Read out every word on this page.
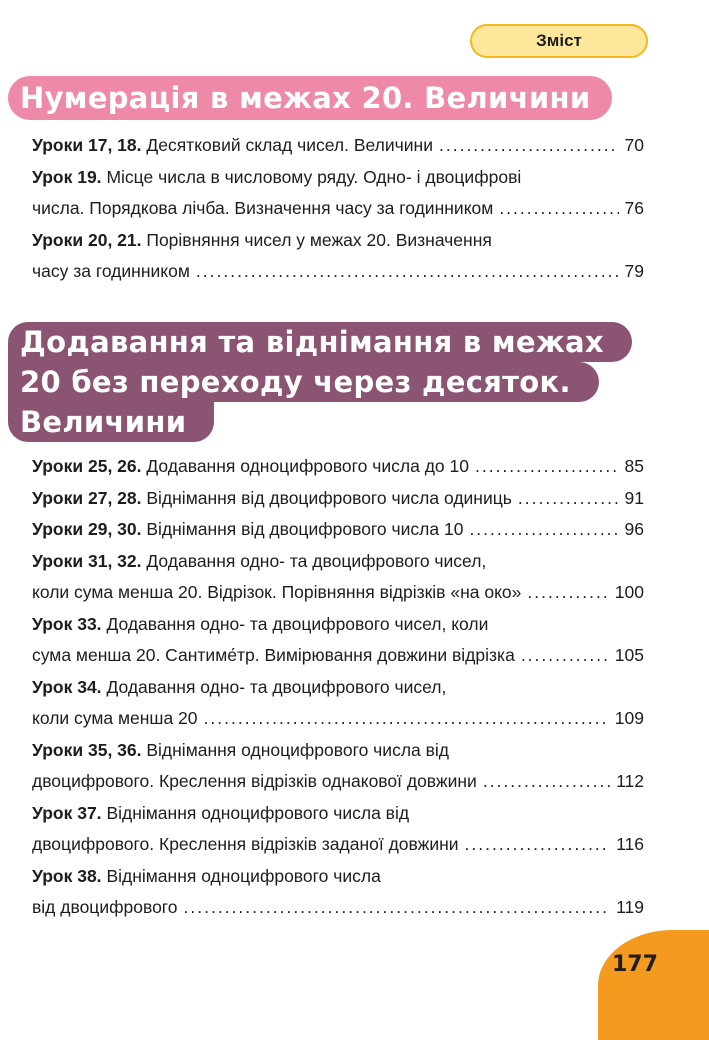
Зміст
Нумерація в межах 20. Величини
Уроки 17, 18.
Десятковий склад чисел. Величини .....	70
Урок 19.
Місце числа в числовому ряду. Одно- і двоцифрові
числа. Порядкова лічба. Визначення часу за годинником .....	76
Уроки 20, 21.
Порівняння чисел у межах 20. Визначення
часу за годинником .....	79
Додавання та віднімання в межах
20 без переходу через десяток.
Величини
Уроки 25, 26.
Додавання одноцифрового числа до 10 .....	85
Уроки 27, 28.
Віднімання від двоцифрового числа одиниць .....	91
Уроки 29, 30.
Віднімання від двоцифрового числа 10 .....	96
Уроки 31, 32.
Додавання одно- та двоцифрового чисел,
коли сума менша 20. Відрізок. Порівняння відрізків «на око» .....	100
Урок 33.
Додавання одно- та двоцифрового чисел, коли
сума менша 20. Сантиме́тр. Вимірювання довжини відрізка .....	105
Урок 34.
Додавання одно- та двоцифрового чисел,
коли сума менша 20 .....	109
Уроки 35, 36.
Віднімання одноцифрового числа від
двоцифрового. Креслення відрізків однакової довжини .....	112
Урок 37.
Віднімання одноцифрового числа від
двоцифрового. Креслення відрізків заданої довжини .....	116
Урок 38.
Віднімання одноцифрового числа
від двоцифрового .....	119
177
